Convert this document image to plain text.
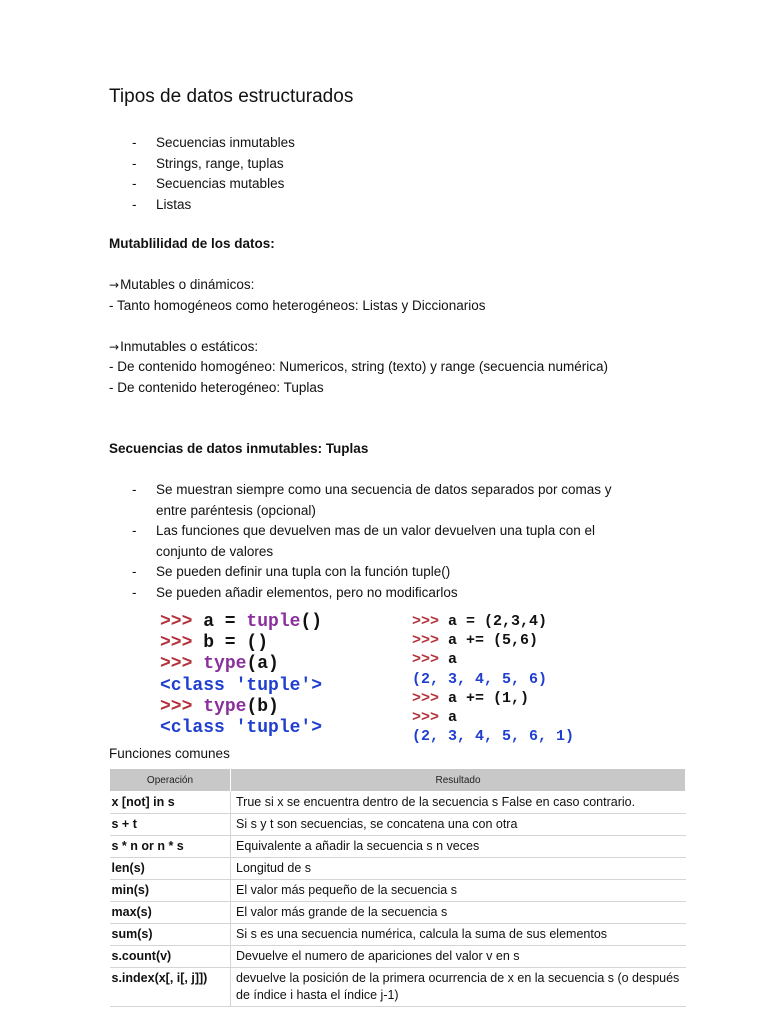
Tipos de datos estructurados
- Secuencias inmutables
- Strings, range, tuplas
- Secuencias mutables
- Listas
Mutablilidad de los datos:
→Mutables o dinámicos:
- Tanto homogéneos como heterogéneos: Listas y Diccionarios
→Inmutables o estáticos:
- De contenido homogéneo: Numericos, string (texto) y range (secuencia numérica)
- De contenido heterogéneo: Tuplas
Secuencias de datos inmutables: Tuplas
- Se muestran siempre como una secuencia de datos separados por comas y entre paréntesis (opcional)
- Las funciones que devuelven mas de un valor devuelven una tupla con el conjunto de valores
- Se pueden definir una tupla con la función tuple()
- Se pueden añadir elementos, pero no modificarlos
>>> a = tuple()
>>> b = ()
>>> type(a)
<class 'tuple'>
>>> type(b)
<class 'tuple'>
>>> a = (2,3,4)
>>> a += (5,6)
>>> a
(2, 3, 4, 5, 6)
>>> a += (1,)
>>> a
(2, 3, 4, 5, 6, 1)
Funciones comunes
Operación	Resultado
x [not] in s	True si x se encuentra dentro de la secuencia s False en caso contrario.
s + t	Si s y t son secuencias, se concatena una con otra
s * n or n * s	Equivalente a añadir la secuencia s n veces
len(s)	Longitud de s
min(s)	El valor más pequeño de la secuencia s
max(s)	El valor más grande de la secuencia s
sum(s)	Si s es una secuencia numérica, calcula la suma de sus elementos
s.count(v)	Devuelve el numero de apariciones del valor v en s
s.index(x[, i[, j]])	devuelve la posición de la primera ocurrencia de x en la secuencia s (o después de índice i hasta el índice j-1)
